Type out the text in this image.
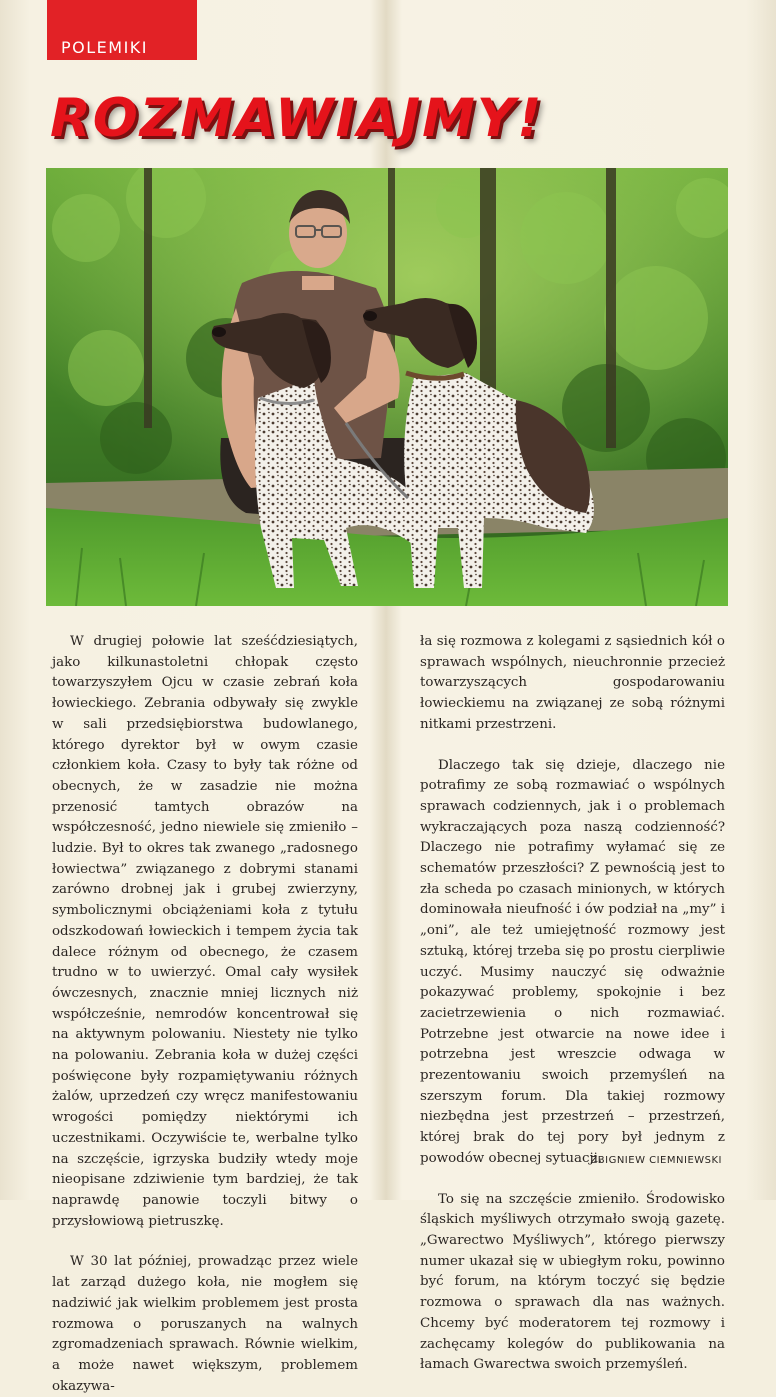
POLEMIKI
ROZMAWIAJMY!

W drugiej połowie lat sześćdziesiątych, jako kilkunastoletni chłopak często towarzyszyłem Ojcu w czasie zebrań koła łowieckiego. Zebrania odbywały się zwykle w sali przedsiębiorstwa budowlanego, którego dyrektor był w owym czasie członkiem koła. Czasy to były tak różne od obecnych, że w zasadzie nie można przenosić tamtych obrazów na współczesność, jedno niewiele się zmieniło – ludzie. Był to okres tak zwanego „radosnego łowiectwa” związanego z dobrymi stanami zarówno drobnej jak i grubej zwierzyny, symbolicznymi obciążeniami koła z tytułu odszkodowań łowieckich i tempem życia tak dalece różnym od obecnego, że czasem trudno w to uwierzyć. Omal cały wysiłek ówczesnych, znacznie mniej licznych niż współcześnie, nemrodów koncentrował się na aktywnym polowaniu. Niestety nie tylko na polowaniu. Zebrania koła w dużej części poświęcone były rozpamiętywaniu różnych żalów, uprzedzeń czy wręcz manifestowaniu wrogości pomiędzy niektórymi ich uczestnikami. Oczywiście te, werbalne tylko na szczęście, igrzyska budziły wtedy moje nieopisane zdziwienie tym bardziej, że tak naprawdę panowie toczyli bitwy o przysłowiową pietruszkę.

W 30 lat później, prowadząc przez wiele lat zarząd dużego koła, nie mogłem się nadziwić jak wielkim problemem jest prosta rozmowa o poruszanych na walnych zgromadzeniach sprawach. Równie wielkim, a może nawet większym, problemem okazywa-

ła się rozmowa z kolegami z sąsiednich kół o sprawach wspólnych, nieuchronnie przecież towarzyszących gospodarowaniu łowieckiemu na związanej ze sobą różnymi nitkami przestrzeni.

Dlaczego tak się dzieje, dlaczego nie potrafimy ze sobą rozmawiać o wspólnych sprawach codziennych, jak i o problemach wykraczających poza naszą codzienność? Dlaczego nie potrafimy wyłamać się ze schematów przeszłości? Z pewnością jest to zła scheda po czasach minionych, w których dominowała nieufność i ów podział na „my” i „oni”, ale też umiejętność rozmowy jest sztuką, której trzeba się po prostu cierpliwie uczyć. Musimy nauczyć się odważnie pokazywać problemy, spokojnie i bez zacietrzewienia o nich rozmawiać. Potrzebne jest otwarcie na nowe idee i potrzebna jest wreszcie odwaga w prezentowaniu swoich przemyśleń na szerszym forum. Dla takiej rozmowy niezbędna jest przestrzeń – przestrzeń, której brak do tej pory był jednym z powodów obecnej sytuacji.

To się na szczęście zmieniło. Środowisko śląskich myśliwych otrzymało swoją gazetę. „Gwarectwo Myśliwych”, którego pierwszy numer ukazał się w ubiegłym roku, powinno być forum, na którym toczyć się będzie rozmowa o sprawach dla nas ważnych. Chcemy być moderatorem tej rozmowy i zachęcamy kolegów do publikowania na łamach Gwarectwa swoich przemyśleń.

ZBIGNIEW CIEMNIEWSKI
